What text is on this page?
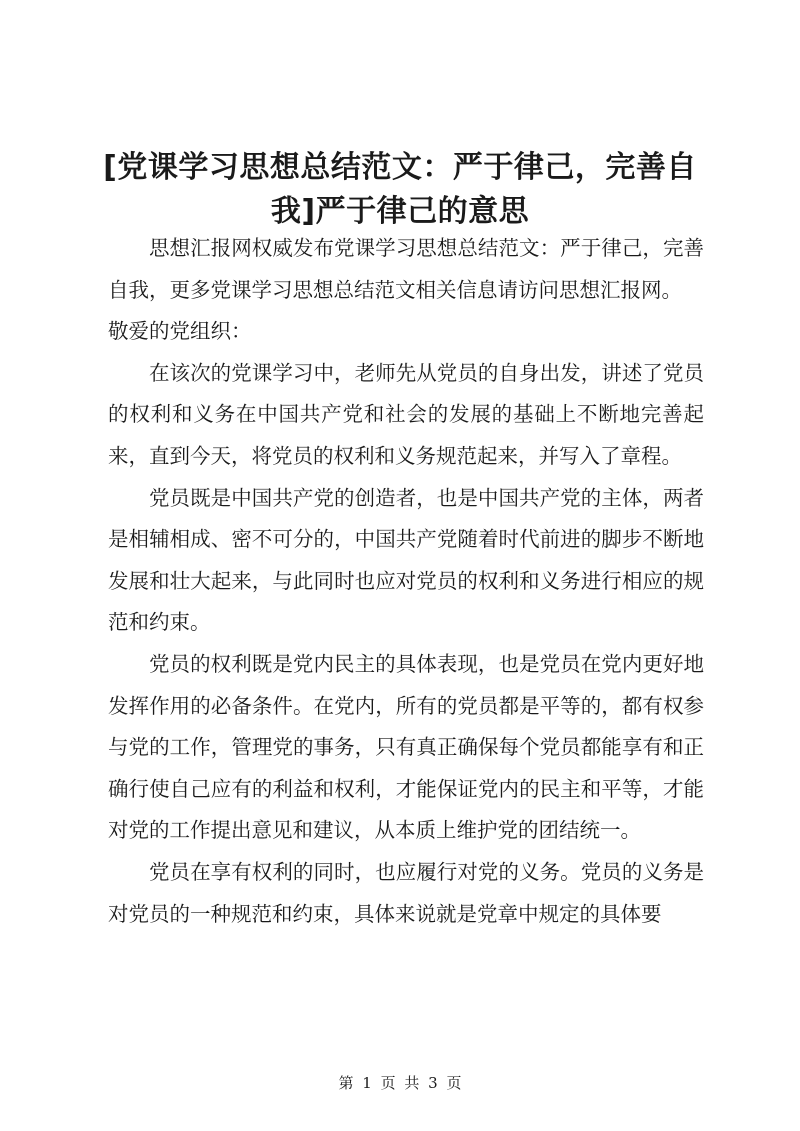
[党课学习思想总结范文：严于律己，完善自我]严于律己的意思

思想汇报网权威发布党课学习思想总结范文：严于律己，完善自我，更多党课学习思想总结范文相关信息请访问思想汇报网。

敬爱的党组织：

在该次的党课学习中，老师先从党员的自身出发，讲述了党员的权利和义务在中国共产党和社会的发展的基础上不断地完善起来，直到今天，将党员的权利和义务规范起来，并写入了章程。

党员既是中国共产党的创造者，也是中国共产党的主体，两者是相辅相成、密不可分的，中国共产党随着时代前进的脚步不断地发展和壮大起来，与此同时也应对党员的权利和义务进行相应的规范和约束。

党员的权利既是党内民主的具体表现，也是党员在党内更好地发挥作用的必备条件。在党内，所有的党员都是平等的，都有权参与党的工作，管理党的事务，只有真正确保每个党员都能享有和正确行使自己应有的利益和权利，才能保证党内的民主和平等，才能对党的工作提出意见和建议，从本质上维护党的团结统一。

党员在享有权利的同时，也应履行对党的义务。党员的义务是对党员的一种规范和约束，具体来说就是党章中规定的具体要

第 1 页 共 3 页
